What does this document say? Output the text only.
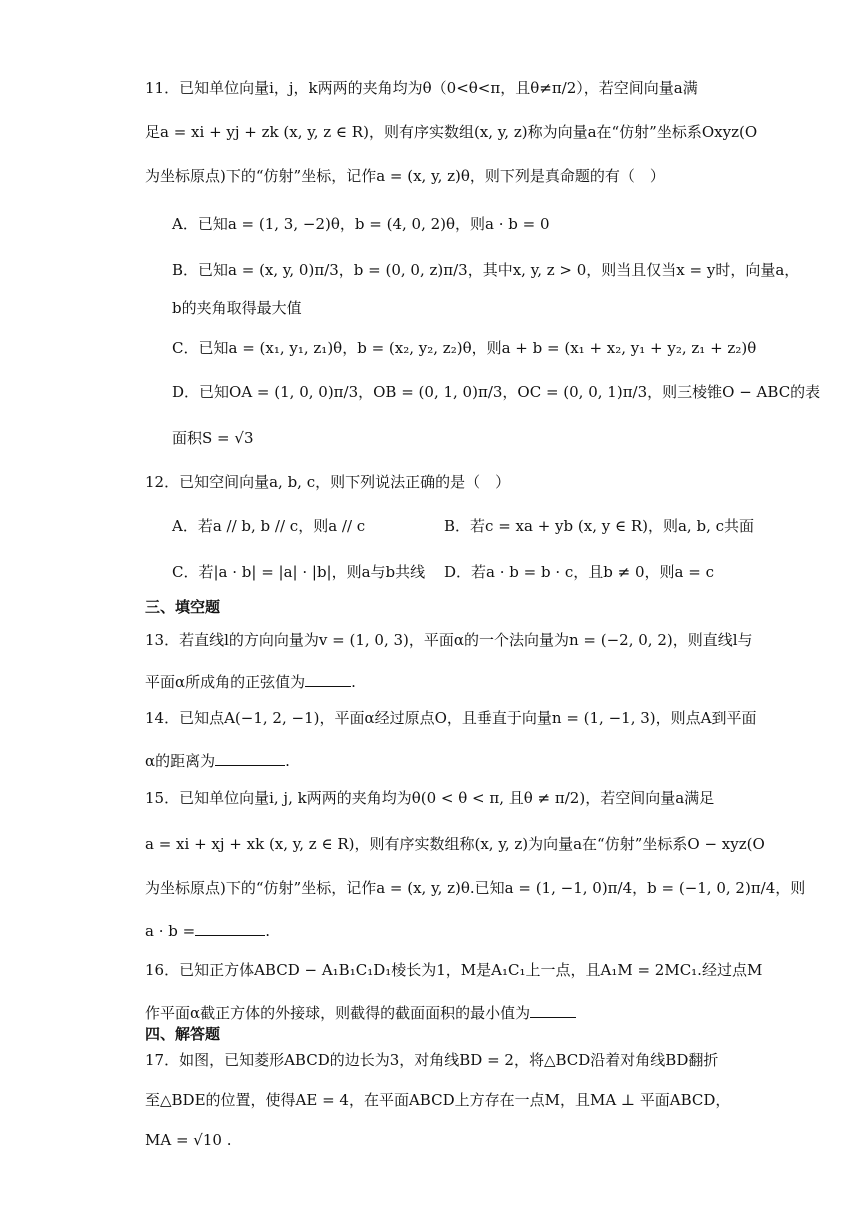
11．已知单位向量i，j，k两两的夹角均为θ（0<θ<π，且θ≠π/2），若空间向量a满
足a = xi + yj + zk (x, y, z ∈ R)，则有序实数组(x, y, z)称为向量a在“仿射”坐标系Oxyz(O
为坐标原点)下的“仿射”坐标，记作a = (x, y, z)θ，则下列是真命题的有（　）
A．已知a = (1, 3, −2)θ，b = (4, 0, 2)θ，则a · b = 0
B．已知a = (x, y, 0)π/3，b = (0, 0, z)π/3，其中x, y, z > 0，则当且仅当x = y时，向量a，
b的夹角取得最大值
C．已知a = (x₁, y₁, z₁)θ，b = (x₂, y₂, z₂)θ，则a + b = (x₁ + x₂, y₁ + y₂, z₁ + z₂)θ
D．已知OA = (1, 0, 0)π/3，OB = (0, 1, 0)π/3，OC = (0, 0, 1)π/3，则三棱锥O − ABC的表
面积S = √3
12．已知空间向量a, b, c，则下列说法正确的是（　）
A．若a // b, b // c，则a // c	B．若c = xa + yb (x, y ∈ R)，则a, b, c共面
C．若|a · b| = |a| · |b|，则a与b共线 D．若a · b = b · c，且b ≠ 0，则a = c
三、填空题
13．若直线l的方向向量为v = (1, 0, 3)，平面α的一个法向量为n = (−2, 0, 2)，则直线l与
平面α所成角的正弦值为	.
14．已知点A(−1, 2, −1)，平面α经过原点O，且垂直于向量n = (1, −1, 3)，则点A到平面
α的距离为	.
15．已知单位向量i, j, k两两的夹角均为θ(0 < θ < π, 且θ ≠ π/2)，若空间向量a满足
a = xi + xj + xk (x, y, z ∈ R)，则有序实数组称(x, y, z)为向量a在“仿射”坐标系O − xyz(O
为坐标原点)下的“仿射”坐标，记作a = (x, y, z)θ.已知a = (1, −1, 0)π/4，b = (−1, 0, 2)π/4，则
a · b =	.
16．已知正方体ABCD − A₁B₁C₁D₁棱长为1，M是A₁C₁上一点，且A₁M = 2MC₁.经过点M
作平面α截正方体的外接球，则截得的截面面积的最小值为
四、解答题
17．如图，已知菱形ABCD的边长为3，对角线BD = 2，将△BCD沿着对角线BD翻折
至△BDE的位置，使得AE = 4，在平面ABCD上方存在一点M，且MA ⊥ 平面ABCD，
MA = √10 .
